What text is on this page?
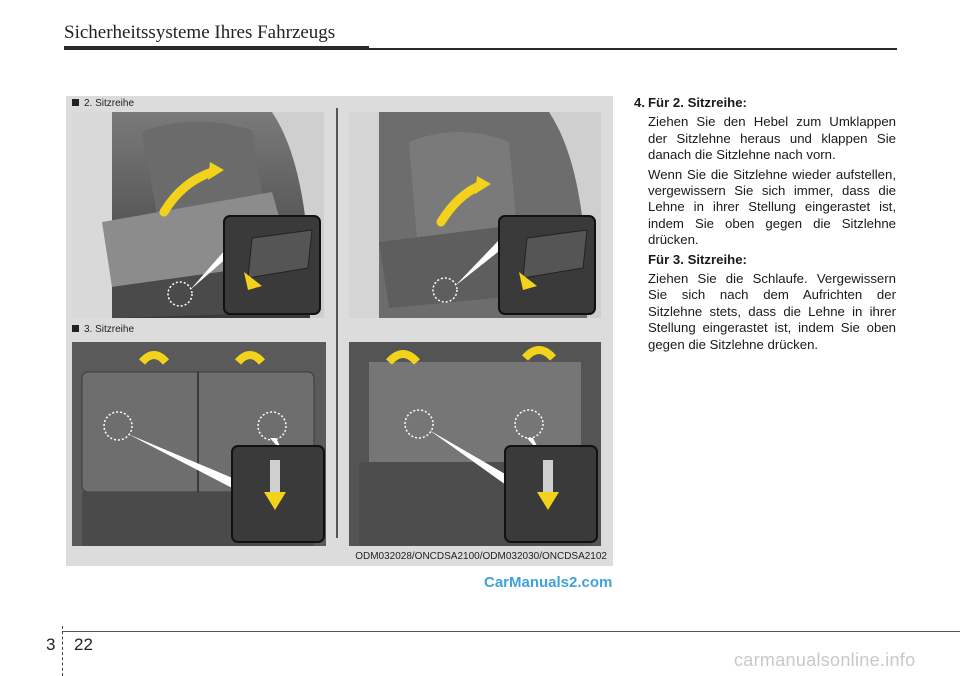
Sicherheitssysteme Ihres Fahrzeugs
2. Sitzreihe
3. Sitzreihe
ODM032028/ONCDSA2100/ODM032030/ONCDSA2102
4. Für 2. Sitzreihe:
Ziehen Sie den Hebel zum Umklappen der Sitzlehne heraus und klappen Sie danach die Sitzlehne nach vorn.
Wenn Sie die Sitzlehne wieder aufstellen, vergewissern Sie sich immer, dass die Lehne in ihrer Stellung eingerastet ist, indem Sie oben gegen die Sitzlehne drücken.
Für 3. Sitzreihe:
Ziehen Sie die Schlaufe. Vergewissern Sie sich nach dem Aufrichten der Sitzlehne stets, dass die Lehne in ihrer Stellung eingerastet ist, indem Sie oben gegen die Sitzlehne drücken.
CarManuals2.com
3 22
carmanualsonline.info
